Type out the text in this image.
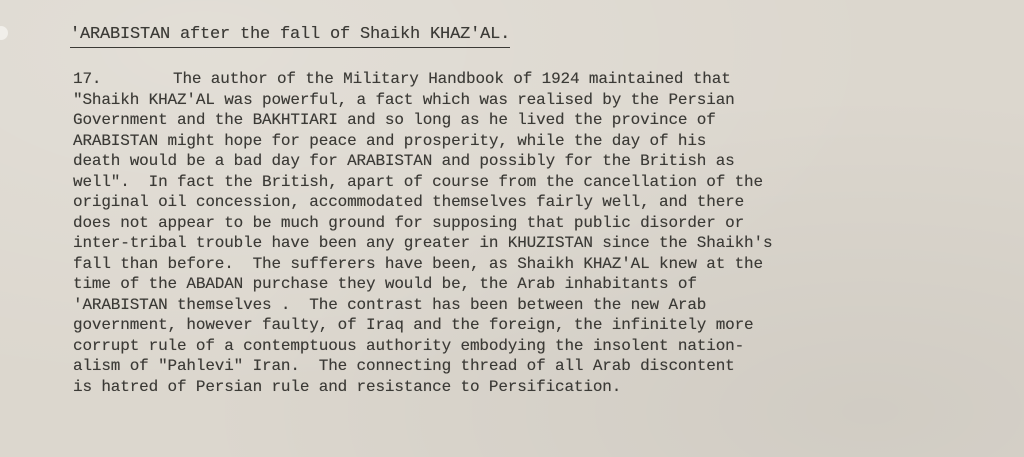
'ARABISTAN after the fall of Shaikh KHAZ'AL.
17.	The author of the Military Handbook of 1924 maintained that
"Shaikh KHAZ'AL was powerful, a fact which was realised by the Persian
Government and the BAKHTIARI and so long as he lived the province of
ARABISTAN might hope for peace and prosperity, while the day of his
death would be a bad day for ARABISTAN and possibly for the British as
well".  In fact the British, apart of course from the cancellation of the
original oil concession, accommodated themselves fairly well, and there
does not appear to be much ground for supposing that public disorder or
inter-tribal trouble have been any greater in KHUZISTAN since the Shaikh's
fall than before.  The sufferers have been, as Shaikh KHAZ'AL knew at the
time of the ABADAN purchase they would be, the Arab inhabitants of
'ARABISTAN themselves .  The contrast has been between the new Arab
government, however faulty, of Iraq and the foreign, the infinitely more
corrupt rule of a contemptuous authority embodying the insolent nation-
alism of "Pahlevi" Iran.  The connecting thread of all Arab discontent
is hatred of Persian rule and resistance to Persification.
